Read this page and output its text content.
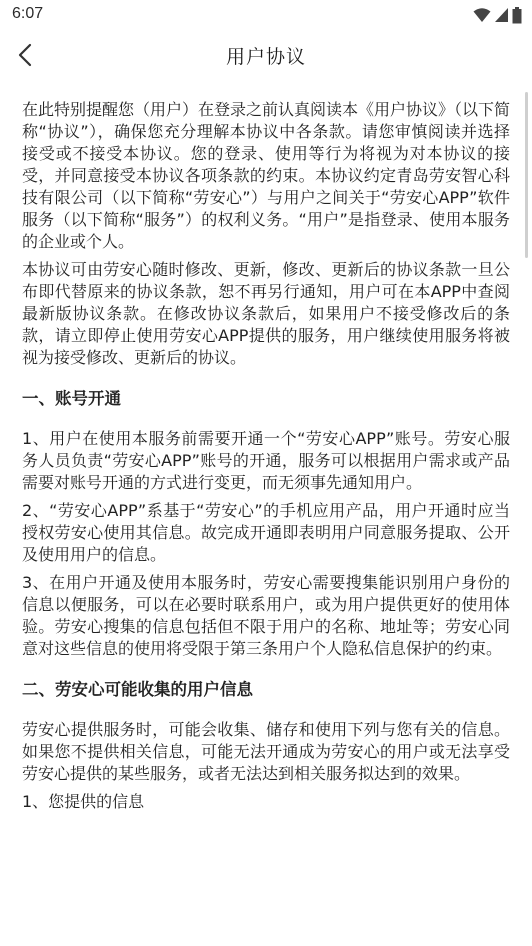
6:07
用户协议

在此特别提醒您（用户）在登录之前认真阅读本《用户协议》（以下简称“协议”），确保您充分理解本协议中各条款。请您审慎阅读并选择接受或不接受本协议。您的登录、使用等行为将视为对本协议的接受，并同意接受本协议各项条款的约束。本协议约定青岛劳安智心科技有限公司（以下简称“劳安心”）与用户之间关于“劳安心APP”软件服务（以下简称“服务”）的权利义务。“用户”是指登录、使用本服务的企业或个人。

本协议可由劳安心随时修改、更新，修改、更新后的协议条款一旦公布即代替原来的协议条款，恕不再另行通知，用户可在本APP中查阅最新版协议条款。在修改协议条款后，如果用户不接受修改后的条款，请立即停止使用劳安心APP提供的服务，用户继续使用服务将被视为接受修改、更新后的协议。

一、账号开通

1、用户在使用本服务前需要开通一个“劳安心APP”账号。劳安心服务人员负责“劳安心APP”账号的开通，服务可以根据用户需求或产品需要对账号开通的方式进行变更，而无须事先通知用户。

2、“劳安心APP”系基于“劳安心”的手机应用产品，用户开通时应当授权劳安心使用其信息。故完成开通即表明用户同意服务提取、公开及使用用户的信息。

3、在用户开通及使用本服务时，劳安心需要搜集能识别用户身份的信息以便服务，可以在必要时联系用户，或为用户提供更好的使用体验。劳安心搜集的信息包括但不限于用户的名称、地址等；劳安心同意对这些信息的使用将受限于第三条用户个人隐私信息保护的约束。

二、劳安心可能收集的用户信息

劳安心提供服务时，可能会收集、储存和使用下列与您有关的信息。如果您不提供相关信息，可能无法开通成为劳安心的用户或无法享受劳安心提供的某些服务，或者无法达到相关服务拟达到的效果。

1、您提供的信息
